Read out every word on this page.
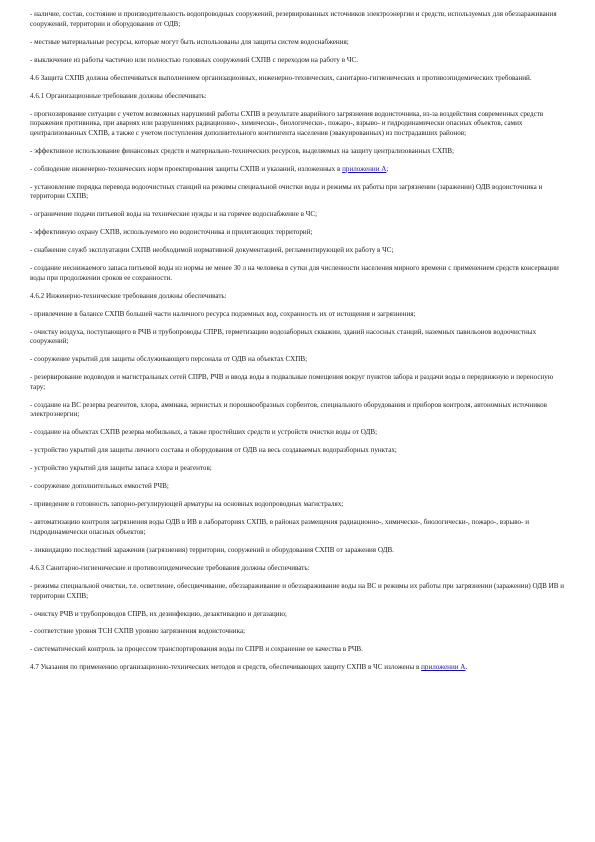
- наличие, состав, состояние и производительность водопроводных сооружений, резервированных источников электроэнергии и средств, используемых для обеззараживания сооружений, территории и оборудования от ОДВ;
- местные материальные ресурсы, которые могут быть использованы для защиты систем водоснабжения;
- выключение из работы частично или полностью головных сооружений СХПВ с переходом на работу в ЧС.
4.6 Защита СХПВ должна обеспечиваться выполнением организационных, инженерно-технических, санитарно-гигиенических и противоэпидемических требований.
4.6.1 Организационные требования должны обеспечивать:
- прогнозирование ситуации с учетом возможных нарушений работы СХПВ в результате аварийного загрязнения водоисточника, из-за воздействия современных средств поражения противника, при авариях или разрушениях радиационно-, химически-, биологически-, пожаро-, взрыво- и гидродинамически опасных объектов, самих централизованных СХПВ, а также с учетом поступления дополнительного контингента населения (эвакуированных) из пострадавших районов;
- эффективное использование финансовых средств и материально-технических ресурсов, выделяемых на защиту централизованных СХПВ;
- соблюдение инженерно-технических норм проектирования защиты СХПВ и указаний, изложенных в приложении А;
- установление порядка перевода водоочистных станций на режимы специальной очистки воды и режимы их работы при загрязнении (заражении) ОДВ водоисточника и территории СХПВ;
- ограничение подачи питьевой воды на технические нужды и на горячее водоснабжение в ЧС;
- эффективную охрану СХПВ, используемого ею водоисточника и прилегающих территорий;
- снабжение служб эксплуатации СХПВ необходимой нормативной документацией, регламентирующей их работу в ЧС;
- создание неснижаемого запаса питьевой воды из нормы не менее 30 л на человека в сутки для численности населения мирного времени с применением средств консервации воды при продолжении сроков ее сохранности.
4.6.2 Инженерно-технические требования должны обеспечивать:
- привлечение в балансе СХПВ большей части наличного ресурса подземных вод, сохранность их от истощения и загрязнения;
- очистку воздуха, поступающего в РЧВ и трубопроводы СПРВ, герметизацию водозаборных скважин, зданий насосных станций, наземных павильонов водоочистных сооружений;
- сооружение укрытий для защиты обслуживающего персонала от ОДВ на объектах СХПВ;
- резервирование водоводов и магистральных сетей СПРВ, РЧВ и ввода воды в подвальные помещения вокруг пунктов забора и раздачи воды в передвижную и переносную тару;
- создание на ВС резерва реагентов, хлора, аммиака, зернистых и порошкообразных сорбентов, специального оборудования и приборов контроля, автономных источников электроэнергии;
- создание на объектах СХПВ резерва мобильных, а также простейших средств и устройств очистки воды от ОДВ;
- устройство укрытий для защиты личного состава и оборудования от ОДВ на весь создаваемых водоразборных пунктах;
- устройство укрытий для защиты запаса хлора и реагентов;
- сооружение дополнительных емкостей РЧВ;
- приведение в готовность запорно-регулирующей арматуры на основных водопроводных магистралях;
- автоматизацию контроля загрязнения воды ОДВ в ИВ в лабораториях СХПВ, в районах размещения радиационно-, химически-, биологически-, пожаро-, взрыво- и гидродинамически опасных объектов;
- ликвидацию последствий заражения (загрязнения) территории, сооружений и оборудования СХПВ от заражения ОДВ.
4.6.3 Санитарно-гигиенические и противоэпидемические требования должны обеспечивать:
- режимы специальной очистки, т.е. осветление, обесцвечивание, обеззараживание и обеззараживание воды на ВС и режимы их работы при загрязнении (заражении) ОДВ ИВ и территории СХПВ;
- очистку РЧВ и трубопроводов СПРВ, их дезинфекцию, дезактивацию и дегазацию;
- соответствие уровня ТСН СХПВ уровню загрязнения водоисточника;
- систематический контроль за процессом транспортирования воды по СПРВ и сохранение ее качества в РЧВ.
4.7 Указания по применению организационно-технических методов и средств, обеспечивающих защиту СХПВ в ЧС изложены в приложении А.
